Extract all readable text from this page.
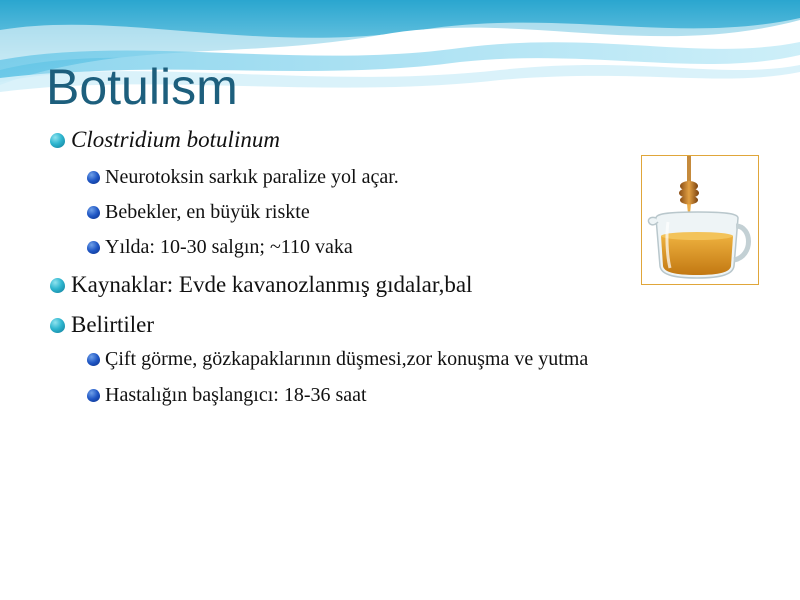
Botulism
Clostridium botulinum
Neurotoksin sarkık paralize yol açar.
Bebekler, en büyük riskte
Yılda: 10-30 salgın; ~110 vaka
Kaynaklar: Evde kavanozlanmış gıdalar,bal
Belirtiler
Çift görme, gözkapaklarının düşmesi,zor konuşma ve yutma
Hastalığın başlangıcı: 18-36 saat
